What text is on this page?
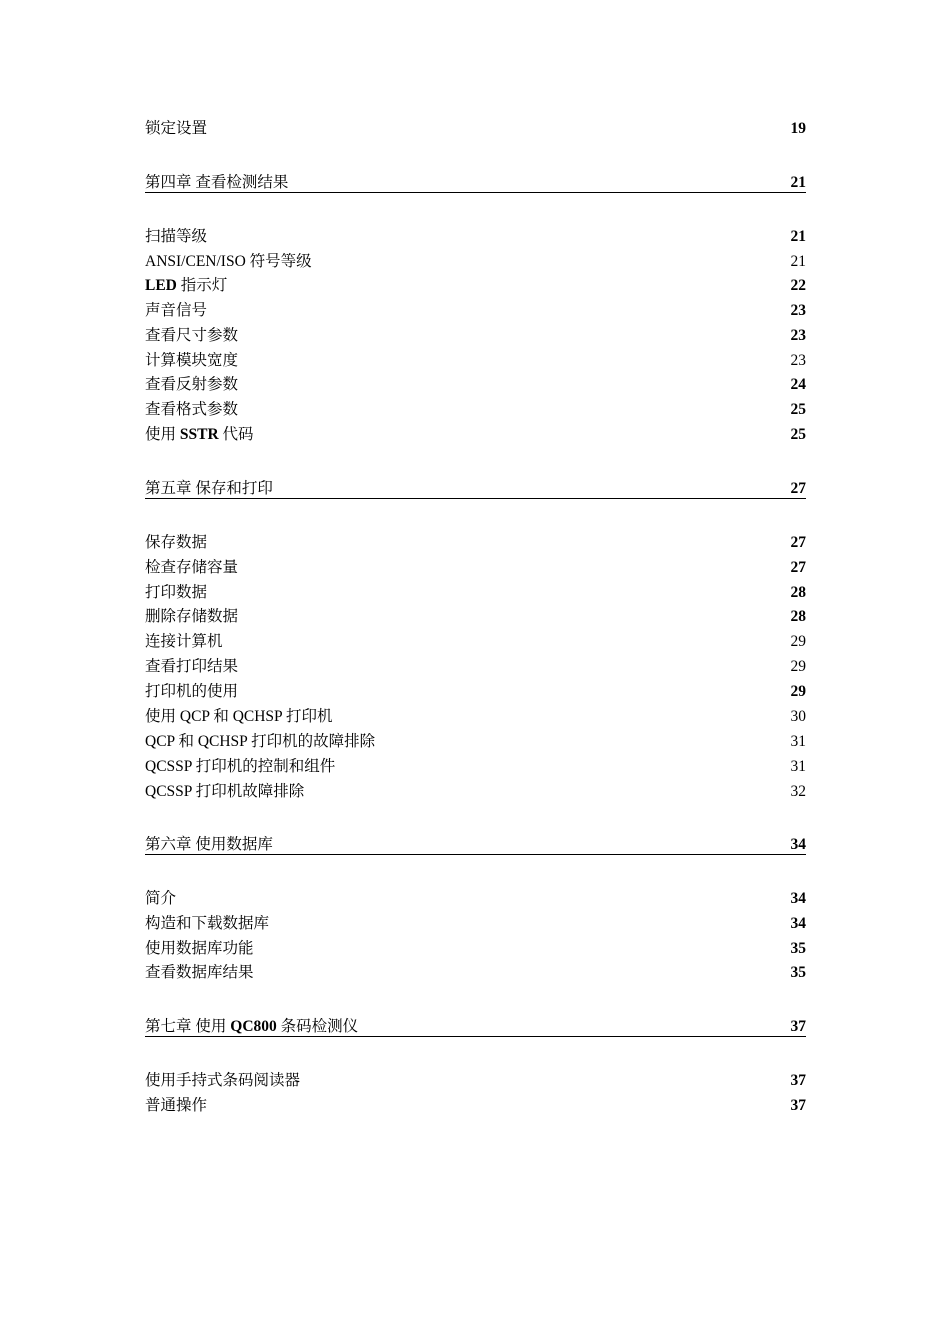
锁定设置	19
第四章 查看检测结果	21
扫描等级	21
ANSI/CEN/ISO 符号等级	21
LED 指示灯	22
声音信号	23
查看尺寸参数	23
计算模块宽度	23
查看反射参数	24
查看格式参数	25
使用 SSTR 代码	25
第五章 保存和打印	27
保存数据	27
检查存储容量	27
打印数据	28
删除存储数据	28
连接计算机	29
查看打印结果	29
打印机的使用	29
使用 QCP 和 QCHSP 打印机	30
QCP 和 QCHSP 打印机的故障排除	31
QCSSP 打印机的控制和组件	31
QCSSP 打印机故障排除	32
第六章 使用数据库	34
简介	34
构造和下载数据库	34
使用数据库功能	35
查看数据库结果	35
第七章 使用 QC800 条码检测仪	37
使用手持式条码阅读器	37
普通操作	37
